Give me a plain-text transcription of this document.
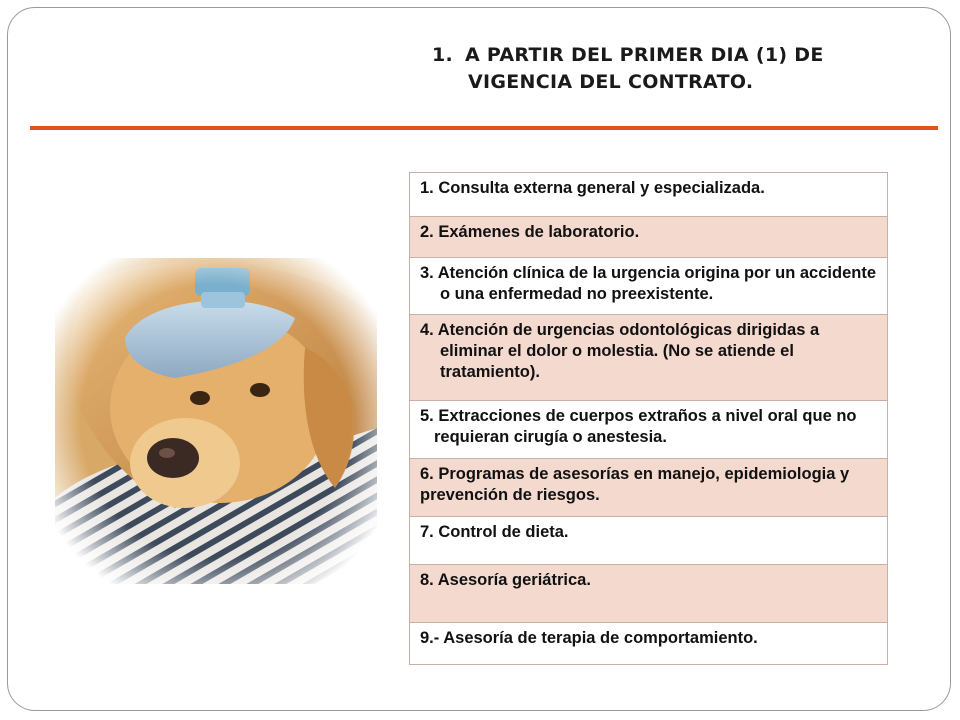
1. A PARTIR DEL PRIMER DIA (1) DE
VIGENCIA DEL CONTRATO.
1. Consulta externa general y especializada.
2. Exámenes de laboratorio.

3. Atención clínica de la urgencia origina por un accidente o una enfermedad no preexistente.

4. Atención de urgencias odontológicas dirigidas a eliminar el dolor o molestia. (No se atiende el tratamiento).

5. Extracciones de cuerpos extraños a nivel oral que no requieran cirugía o anestesia.

6. Programas de asesorías en manejo, epidemiologia y prevención de riesgos.
7. Control de dieta.
8. Asesoría geriátrica.
9.- Asesoría de terapia de comportamiento.
